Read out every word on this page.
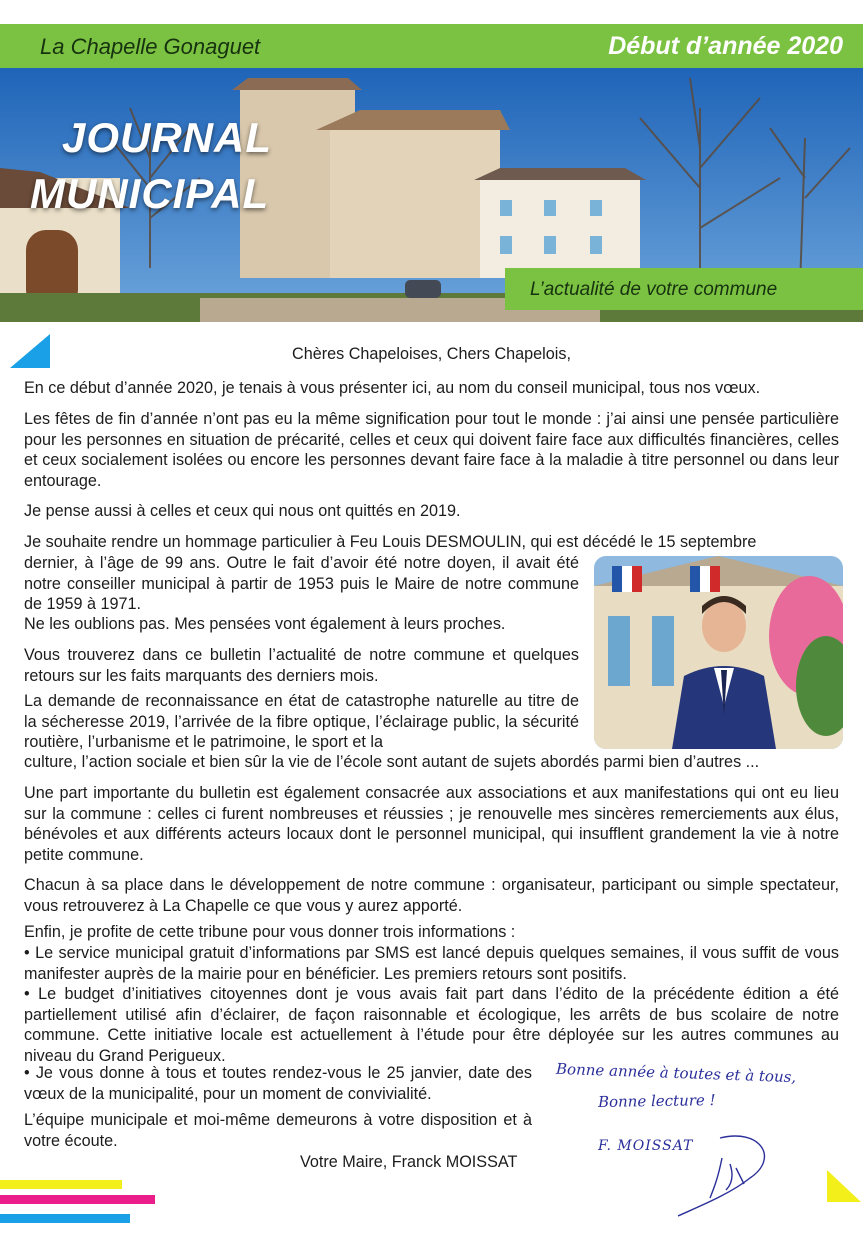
La Chapelle Gonaguet	Début d’année 2020
JOURNAL
MUNICIPAL
L’actualité de votre commune
Chères Chapeloises, Chers Chapelois,
En ce début d’année 2020, je tenais à vous présenter ici, au nom du conseil municipal, tous nos vœux.
Les fêtes de fin d’année n’ont pas eu la même signification pour tout le monde : j’ai ainsi une pensée particulière pour les personnes en situation de précarité, celles et ceux qui doivent faire face aux difficultés financières, celles et ceux socialement isolées ou encore les personnes devant faire face à la maladie à titre personnel ou dans leur entourage.
Je pense aussi à celles et ceux qui nous ont quittés en 2019.
Je souhaite rendre un hommage particulier à Feu Louis DESMOULIN, qui est décédé le 15 septembre
dernier, à l’âge de 99 ans. Outre le fait d’avoir été notre doyen, il avait été notre conseiller municipal à partir de 1953 puis le Maire de notre commune de 1959 à 1971.
Ne les oublions pas. Mes pensées vont également à leurs proches.
Vous trouverez dans ce bulletin l’actualité de notre commune et quelques retours sur les faits marquants des derniers mois.
La demande de reconnaissance en état de catastrophe naturelle au titre de la sécheresse 2019, l’arrivée de la fibre optique, l’éclairage public, la sécurité routière, l’urbanisme et le patrimoine, le sport et la
culture, l’action sociale et bien sûr la vie de l’école sont autant de sujets abordés parmi bien d’autres ...
Une part importante du bulletin est également consacrée aux associations et aux manifestations qui ont eu lieu sur la commune : celles ci furent nombreuses et réussies ; je renouvelle mes sincères remerciements aux élus, bénévoles et aux différents acteurs locaux dont le personnel municipal, qui insufflent grandement la vie à notre petite commune.
Chacun à sa place dans le développement de notre commune : organisateur, participant ou simple spectateur, vous retrouverez à La Chapelle ce que vous y aurez apporté.
Enfin, je profite de cette tribune pour vous donner trois informations :
• Le service municipal gratuit d’informations par SMS est lancé depuis quelques semaines, il vous suffit de vous manifester auprès de la mairie pour en bénéficier. Les premiers retours sont positifs.
• Le budget d’initiatives citoyennes dont je vous avais fait part dans l’édito de la précédente édition a été partiellement utilisé afin d’éclairer, de façon raisonnable et écologique, les arrêts de bus scolaire de notre commune. Cette initiative locale est actuellement à l’étude pour être déployée sur les autres communes au niveau du Grand Perigueux.
• Je vous donne à tous et toutes rendez-vous le 25 janvier, date des vœux de la municipalité, pour un moment de convivialité.
L’équipe municipale et moi-même demeurons à votre disposition et à votre écoute.
Votre Maire, Franck MOISSAT
Bonne année à toutes et à tous,
Bonne lecture !
F. MOISSAT
